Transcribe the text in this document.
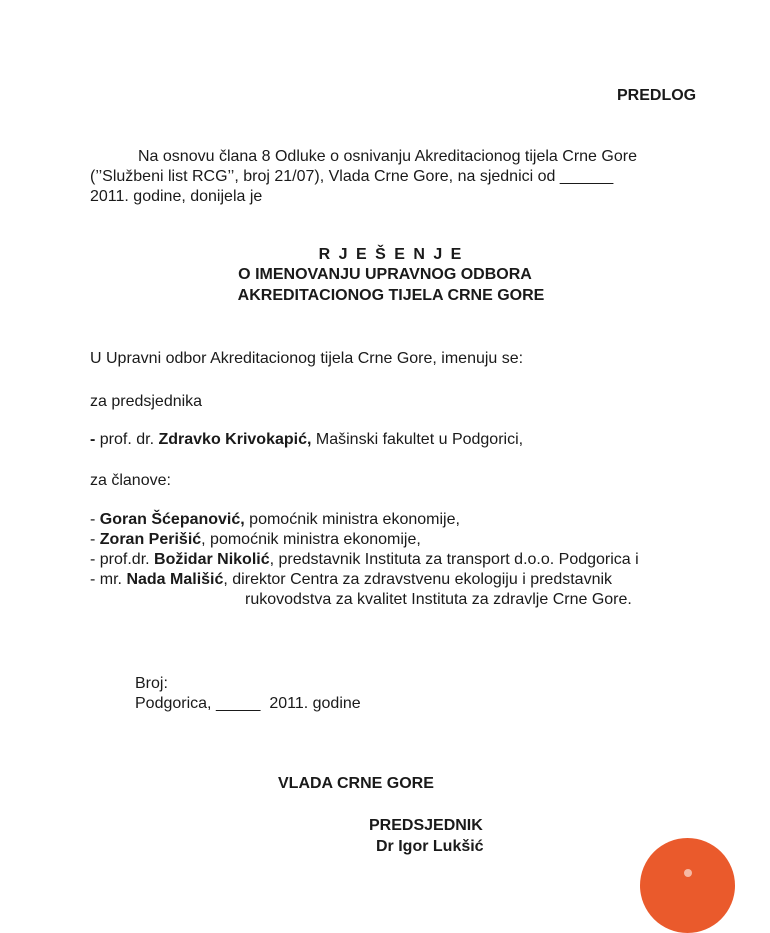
PREDLOG
Na osnovu člana 8 Odluke o osnivanju Akreditacionog tijela Crne Gore
(’’Službeni list RCG’’, broj 21/07), Vlada Crne Gore, na sjednici od ______
2011. godine, donijela je
R J E Š E N J E
O IMENOVANJU UPRAVNOG ODBORA
AKREDITACIONOG TIJELA CRNE GORE
U Upravni odbor Akreditacionog tijela Crne Gore, imenuju se:
za predsjednika
- prof. dr. Zdravko Krivokapić, Mašinski fakultet u Podgorici,
za članove:
- Goran Šćepanović, pomoćnik ministra ekonomije,
- Zoran Perišić, pomoćnik ministra ekonomije,
- prof.dr. Božidar Nikolić, predstavnik Instituta za transport d.o.o. Podgorica i
- mr. Nada Mališić, direktor Centra za zdravstvenu ekologiju i predstavnik
rukovodstva za kvalitet Instituta za zdravlje Crne Gore.
Broj:
Podgorica, _____  2011. godine
VLADA CRNE GORE
PREDSJEDNIK
Dr Igor Lukšić
